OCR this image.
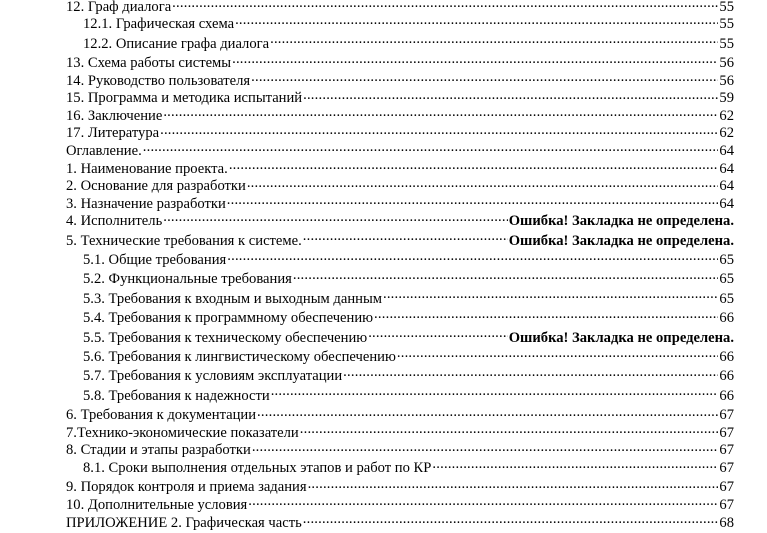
12. Граф диалога .....	55
12.1. Графическая схема .....	55
12.2. Описание графа диалога .....	55
13. Схема работы системы .....	56
14. Руководство пользователя .....	56
15. Программа и методика испытаний .....	59
16. Заключение .....	62
17. Литература .....	62
Оглавление. .....	64
1. Наименование проекта. .....	64
2. Основание для разработки .....	64
3. Назначение разработки .....	64
4. Исполнитель .....	Ошибка! Закладка не определена.
5. Технические требования к системе. .....	Ошибка! Закладка не определена.
5.1. Общие требования .....	65
5.2. Функциональные требования .....	65
5.3. Требования к входным и выходным данным .....	65
5.4. Требования к программному обеспечению .....	66
5.5. Требования к техническому обеспечению .....	Ошибка! Закладка не определена.
5.6. Требования к лингвистическому обеспечению .....	66
5.7. Требования к условиям эксплуатации .....	66
5.8. Требования к надежности .....	66
6. Требования к документации .....	67
7.Технико-экономические показатели .....	67
8. Стадии и этапы разработки .....	67
8.1. Сроки выполнения отдельных этапов и работ по КР .....	67
9. Порядок контроля и приема задания .....	67
10. Дополнительные условия .....	67
ПРИЛОЖЕНИЕ 2. Графическая часть .....	68
